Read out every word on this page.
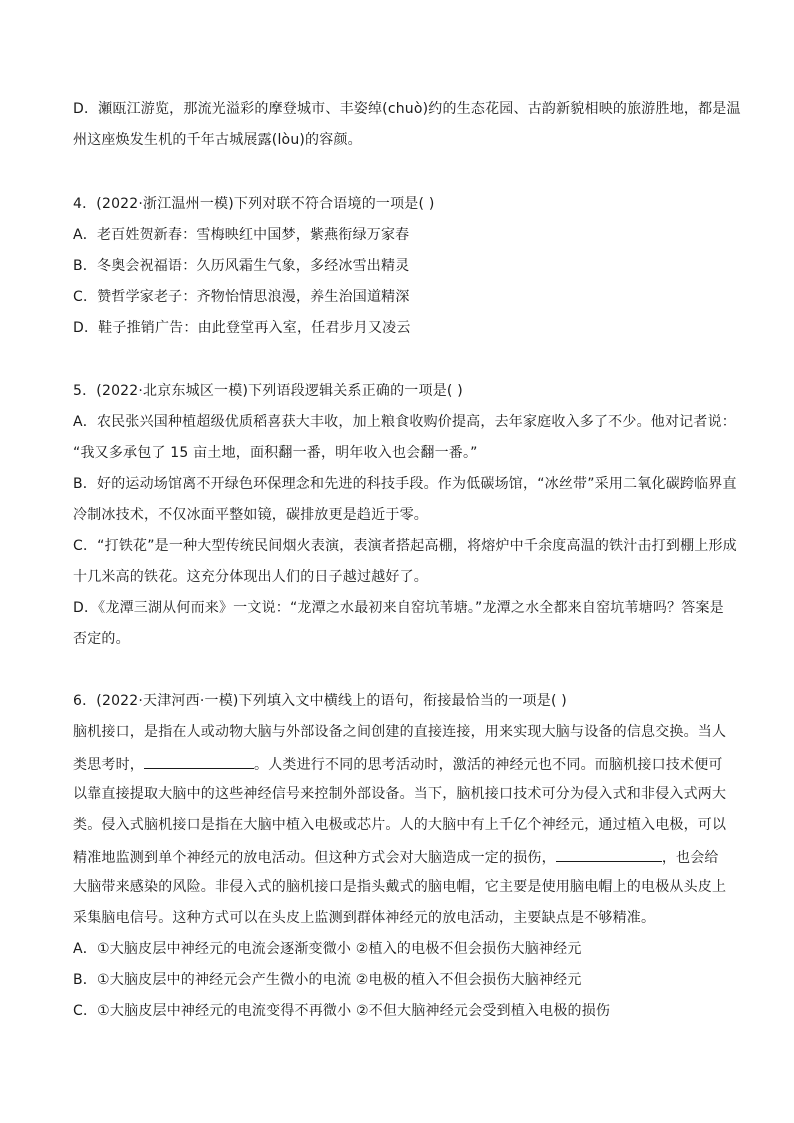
D．瀬瓯江游览，那流光溢彩的摩登城市、丰姿绰(chuò)约的生态花园、古韵新貌相映的旅游胜地，都是温
州这座焕发生机的千年古城展露(lòu)的容颜。
4．(2022·浙江温州一模)下列对联不符合语境的一项是( )
A．老百姓贺新春：雪梅映红中国梦，紫燕衔绿万家春
B．冬奥会祝福语：久历风霜生气象，多经冰雪出精灵
C．赞哲学家老子：齐物怡情思浪漫，养生治国道精深
D．鞋子推销广告：由此登堂再入室，任君步月又凌云
5．(2022·北京东城区一模)下列语段逻辑关系正确的一项是( )
A．农民张兴国种植超级优质稻喜获大丰收，加上粮食收购价提高，去年家庭收入多了不少。他对记者说：
“我又多承包了 15 亩土地，面积翻一番，明年收入也会翻一番。”
B．好的运动场馆离不开绿色环保理念和先进的科技手段。作为低碳场馆，“冰丝带”采用二氧化碳跨临界直
冷制冰技术，不仅冰面平整如镜，碳排放更是趋近于零。
C．“打铁花”是一种大型传统民间烟火表演，表演者搭起高棚，将熔炉中千余度高温的铁汁击打到棚上形成
十几米高的铁花。这充分体现出人们的日子越过越好了。
D．《龙潭三湖从何而来》一文说：“龙潭之水最初来自窑坑苇塘。”龙潭之水全都来自窑坑苇塘吗？答案是
否定的。
6．(2022·天津河西·一模)下列填入文中横线上的语句，衔接最恰当的一项是( )
脑机接口，是指在人或动物大脑与外部设备之间创建的直接连接，用来实现大脑与设备的信息交换。当人
类思考时，	。人类进行不同的思考活动时，激活的神经元也不同。而脑机接口技术便可
以靠直接提取大脑中的这些神经信号来控制外部设备。当下，脑机接口技术可分为侵入式和非侵入式两大
类。侵入式脑机接口是指在大脑中植入电极或芯片。人的大脑中有上千亿个神经元，通过植入电极，可以
精准地监测到单个神经元的放电活动。但这种方式会对大脑造成一定的损伤，	，也会给
大脑带来感染的风险。非侵入式的脑机接口是指头戴式的脑电帽，它主要是使用脑电帽上的电极从头皮上
采集脑电信号。这种方式可以在头皮上监测到群体神经元的放电活动，主要缺点是不够精准。
A．①大脑皮层中神经元的电流会逐渐变微小 ②植入的电极不但会损伤大脑神经元
B．①大脑皮层中的神经元会产生微小的电流 ②电极的植入不但会损伤大脑神经元
C．①大脑皮层中神经元的电流变得不再微小 ②不但大脑神经元会受到植入电极的损伤
